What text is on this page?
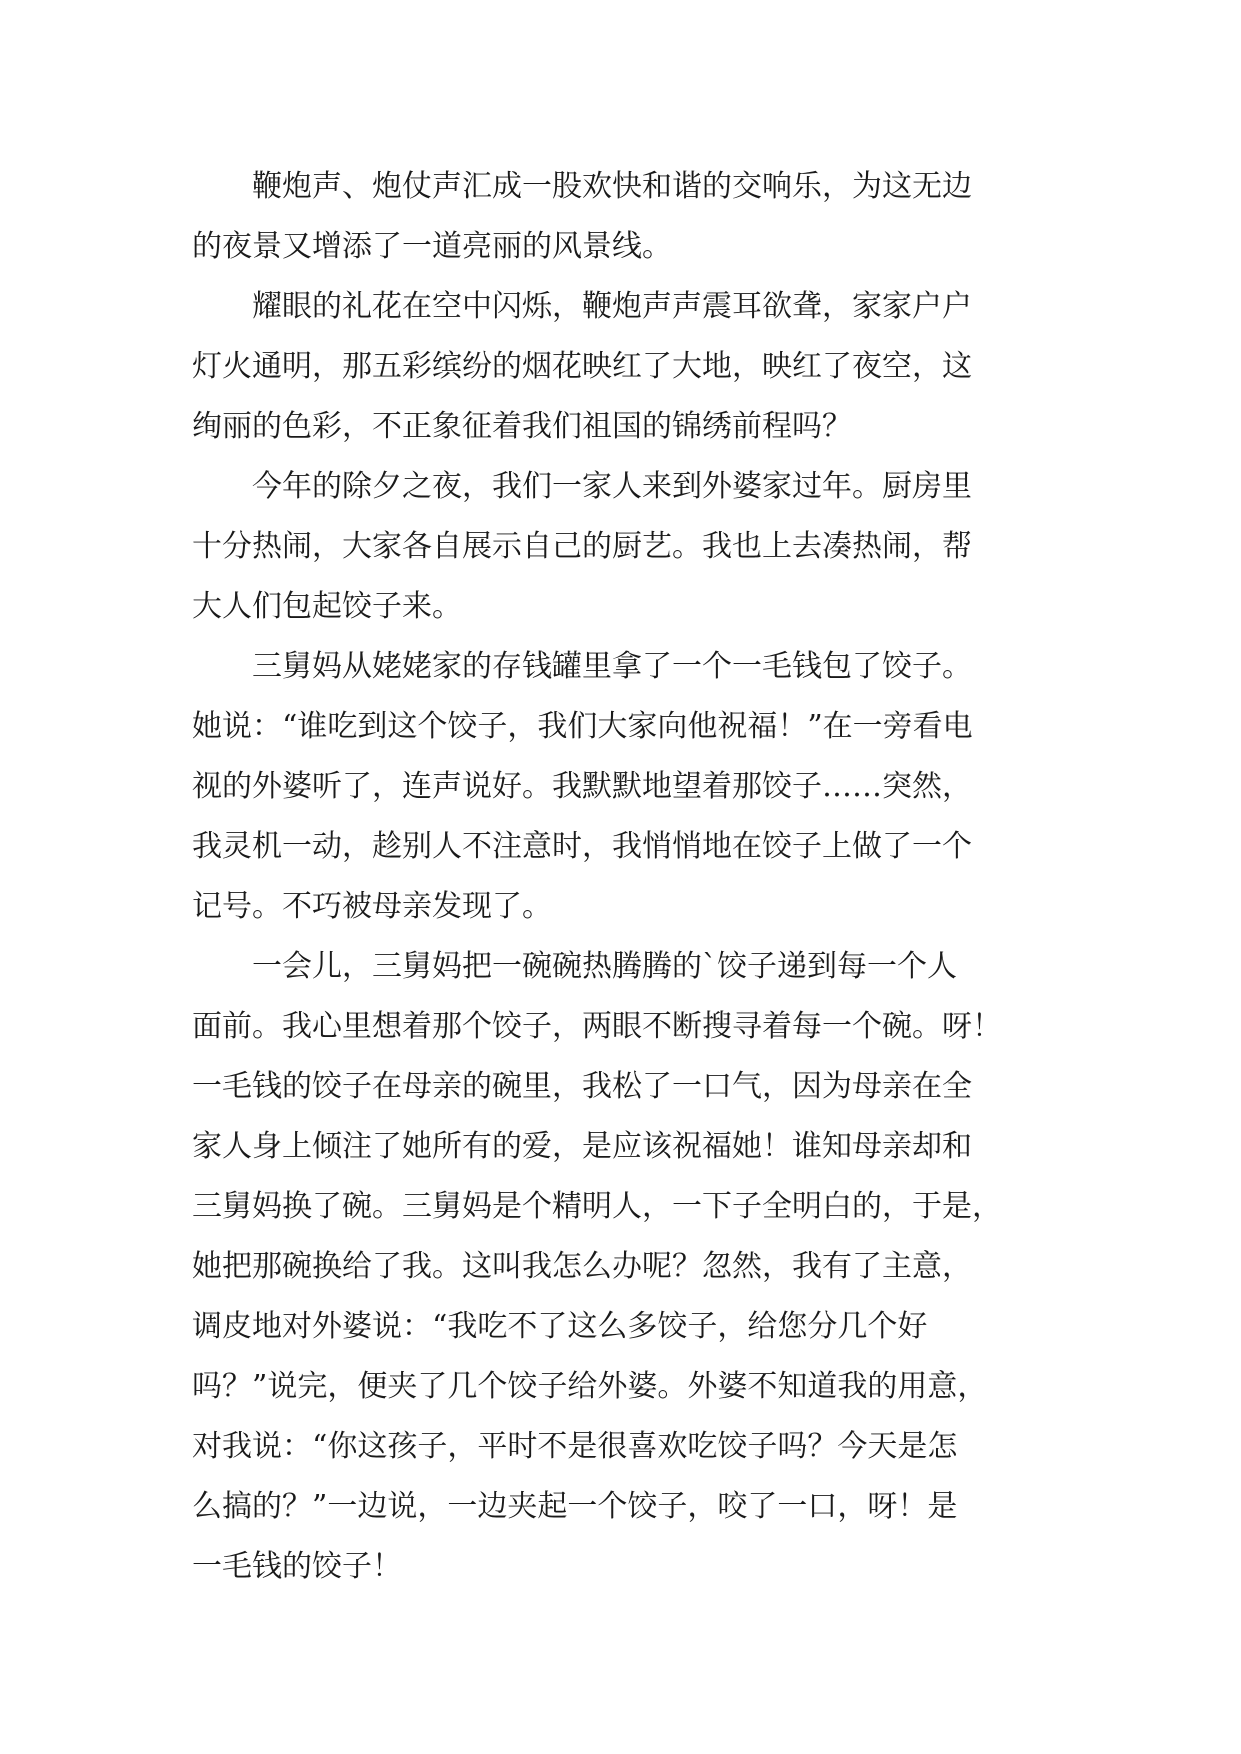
鞭炮声、炮仗声汇成一股欢快和谐的交响乐，为这无边
的夜景又增添了一道亮丽的风景线。
耀眼的礼花在空中闪烁，鞭炮声声震耳欲聋，家家户户
灯火通明，那五彩缤纷的烟花映红了大地，映红了夜空，这
绚丽的色彩，不正象征着我们祖国的锦绣前程吗？
今年的除夕之夜，我们一家人来到外婆家过年。厨房里
十分热闹，大家各自展示自己的厨艺。我也上去凑热闹，帮
大人们包起饺子来。
三舅妈从姥姥家的存钱罐里拿了一个一毛钱包了饺子。
她说：“谁吃到这个饺子，我们大家向他祝福！”在一旁看电
视的外婆听了，连声说好。我默默地望着那饺子……突然，
我灵机一动，趁别人不注意时，我悄悄地在饺子上做了一个
记号。不巧被母亲发现了。
一会儿，三舅妈把一碗碗热腾腾的`饺子递到每一个人
面前。我心里想着那个饺子，两眼不断搜寻着每一个碗。呀！
一毛钱的饺子在母亲的碗里，我松了一口气，因为母亲在全
家人身上倾注了她所有的爱，是应该祝福她！谁知母亲却和
三舅妈换了碗。三舅妈是个精明人，一下子全明白的，于是，
她把那碗换给了我。这叫我怎么办呢？忽然，我有了主意，
调皮地对外婆说：“我吃不了这么多饺子，给您分几个好
吗？”说完，便夹了几个饺子给外婆。外婆不知道我的用意，
对我说：“你这孩子，平时不是很喜欢吃饺子吗？今天是怎
么搞的？”一边说，一边夹起一个饺子，咬了一口，呀！是
一毛钱的饺子！
